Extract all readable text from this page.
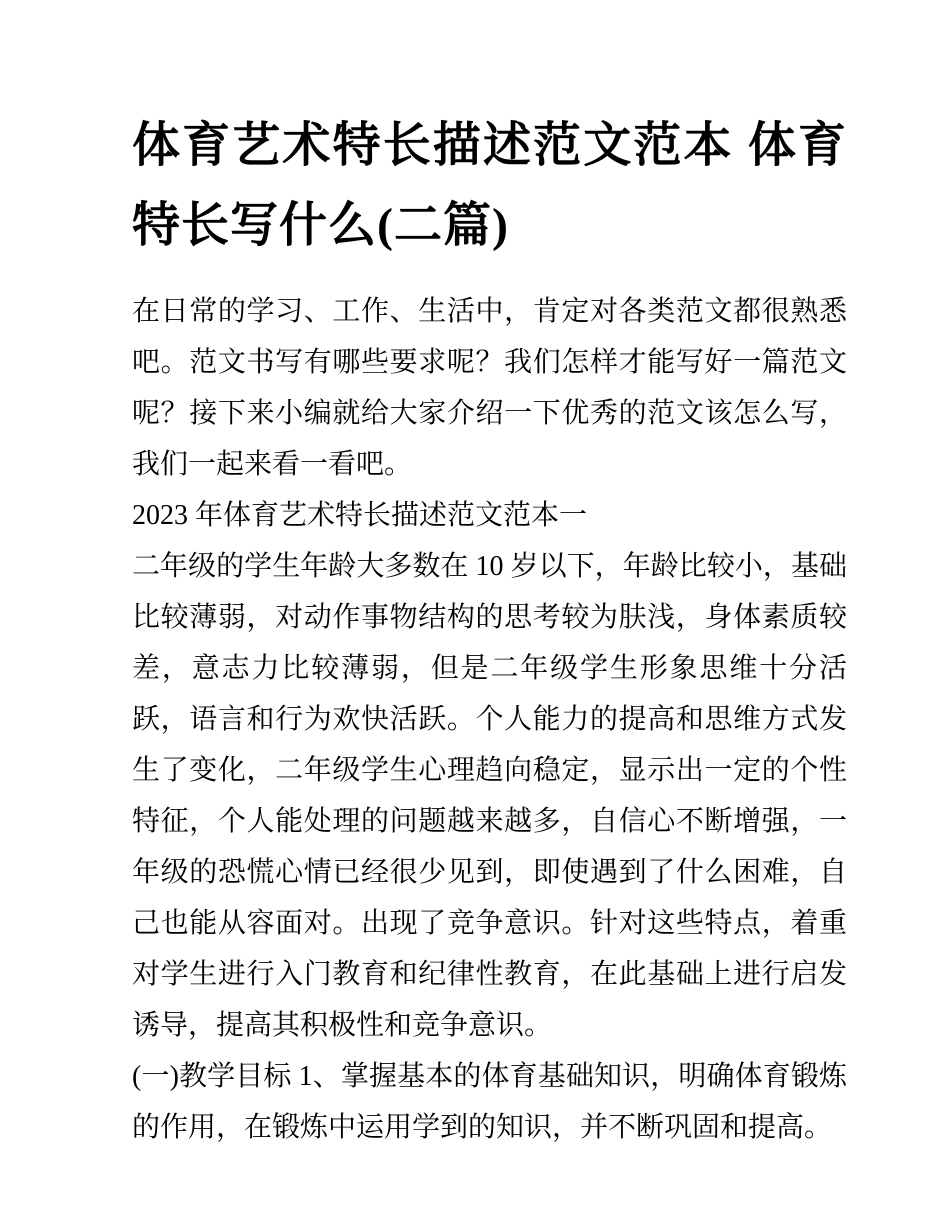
体育艺术特长描述范文范本 体育特长写什么(二篇)

在日常的学习、工作、生活中，肯定对各类范文都很熟悉吧。范文书写有哪些要求呢？我们怎样才能写好一篇范文呢？接下来小编就给大家介绍一下优秀的范文该怎么写，我们一起来看一看吧。

2023 年体育艺术特长描述范文范本一

二年级的学生年龄大多数在 10 岁以下，年龄比较小，基础比较薄弱，对动作事物结构的思考较为肤浅，身体素质较差，意志力比较薄弱，但是二年级学生形象思维十分活跃，语言和行为欢快活跃。个人能力的提高和思维方式发生了变化，二年级学生心理趋向稳定，显示出一定的个性特征，个人能处理的问题越来越多，自信心不断增强，一年级的恐慌心情已经很少见到，即使遇到了什么困难，自己也能从容面对。出现了竞争意识。针对这些特点，着重对学生进行入门教育和纪律性教育，在此基础上进行启发诱导，提高其积极性和竞争意识。

(一)教学目标 1、掌握基本的体育基础知识，明确体育锻炼的作用，在锻炼中运用学到的知识，并不断巩固和提高。
